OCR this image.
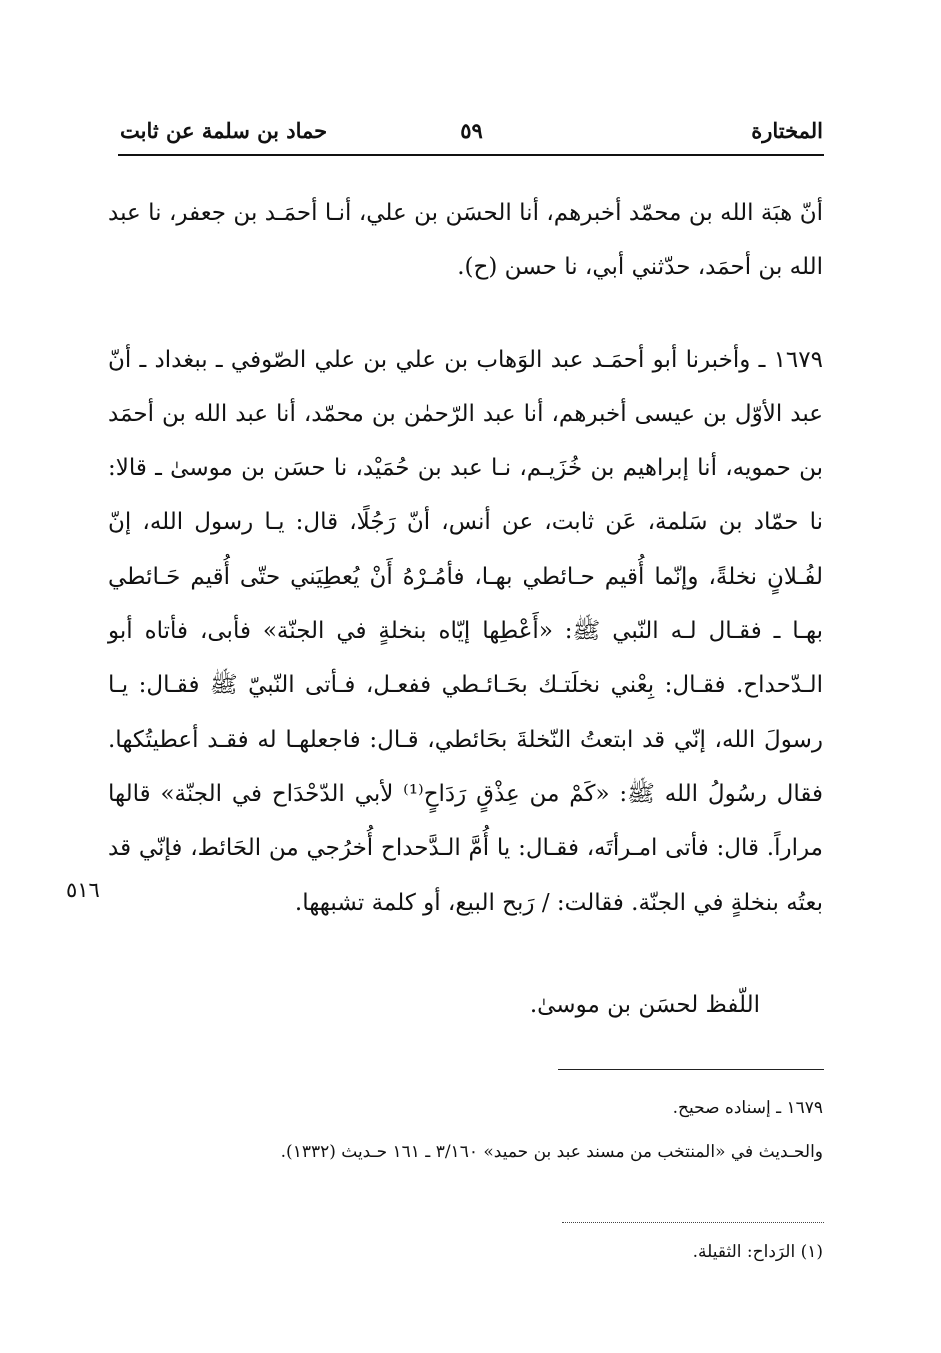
المختارة
٥٩
حماد بن سلمة عن ثابت

أنّ هبَة الله بن محمّد أخبرهم، أنا الحسَن بن علي، أنـا أحمَـد بن جعفر، نا عبد الله بن أحمَد، حدّثني أبي، نا حسن (ح).

١٦٧٩ ـ وأخبرنا أبو أحمَـد عبد الوَهاب بن علي بن علي الصّوفي ـ ببغداد ـ أنّ عبد الأوّل بن عيسى أخبرهم، أنا عبد الرّحمٰن بن محمّد، أنا عبد الله بن أحمَد بن حمويه، أنا إبراهيم بن خُزَيـم، نـا عبد بن حُمَيْد، نا حسَن بن موسىٰ ـ قالا: نا حمّاد بن سَلمة، عَن ثابت، عن أنس، أنّ رَجُلًا، قال: يـا رسول الله، إنّ لفُـلانٍ نخلةً، وإنّما أُقيم حـائطي بهـا، فأمُـرْهُ أَنْ يُعطِيَني حتّى أُقيم حَـائطي بهـا ـ فقـال لـه النّبي ﷺ: «أَعْطِها إيّاه بنخلةٍ في الجنّة» فأبى، فأتاه أبو الـدّحداح. فقـال: بِعْني نخلَتـك بحَـائـطي ففعـل، فـأتى النّبيّ ﷺ فقـال: يـا رسولَ الله، إنّي قد ابتعتُ النّخلةَ بحَائطي، قـال: فاجعلهـا له فقـد أعطيتُكها. فقال رسُولُ الله ﷺ: «كَمْ من عِذْقٍ رَدَاحٍ⁽¹⁾ لأبي الدّحْدَاح في الجنّة» قالها مراراً. قال: فأتى امـرأتَه، فقـال: يا أُمَّ الـدَّحداح أُخرُجي من الحَائط، فإنّي قد بعتُه بنخلةٍ في الجنّة. فقالت: / رَبح البيع، أو كلمة تشبهها.

٥١٦
اللّفظ لحسَن بن موسىٰ.
١٦٧٩ ـ إسناده صحيح.
والحـديث في «المنتخب من مسند عبد بن حميد» ٣/١٦٠ ـ ١٦١ حـديث (١٣٣٢).
(١) الرَداح: الثقيلة.
